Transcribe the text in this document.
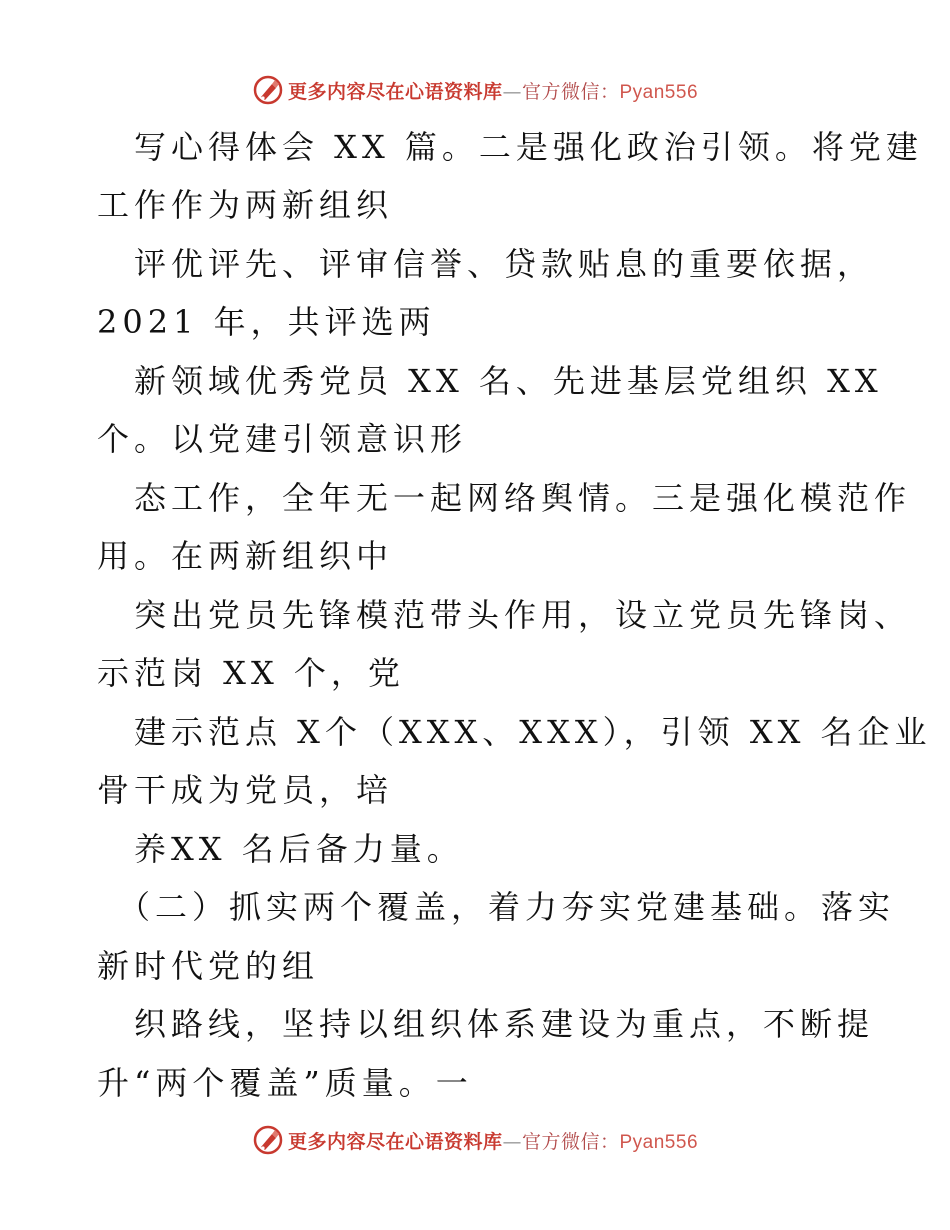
更多内容尽在心语资料库—官方微信：Pyan556

写心得体会 XX 篇。二是强化政治引领。将党建

工作作为两新组织

评优评先、评审信誉、贷款贴息的重要依据，

2021 年，共评选两

新领域优秀党员 XX 名、先进基层党组织 XX

个。以党建引领意识形

态工作，全年无一起网络舆情。三是强化模范作

用。在两新组织中

突出党员先锋模范带头作用，设立党员先锋岗、

示范岗 XX 个，党

建示范点 X个（XXX、XXX），引领 XX 名企业

骨干成为党员，培

养XX 名后备力量。

（二）抓实两个覆盖，着力夯实党建基础。落实

新时代党的组

织路线，坚持以组织体系建设为重点，不断提

升“两个覆盖”质量。一

更多内容尽在心语资料库—官方微信：Pyan556
